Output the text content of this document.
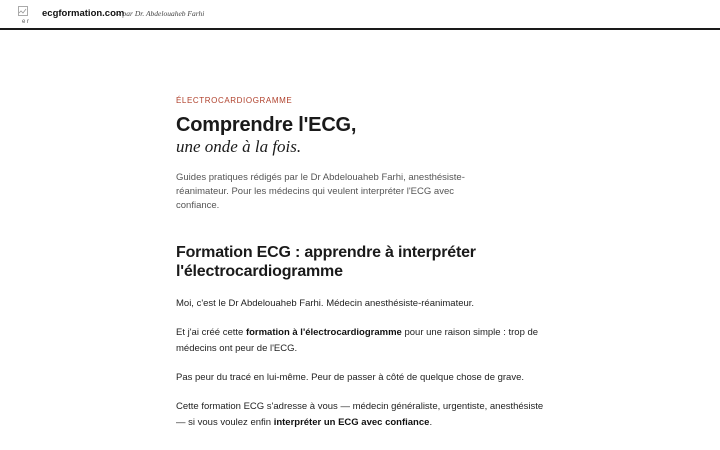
e r
ecgformation.com
— par Dr. Abdelouaheb Farhi
ÉLECTROCARDIOGRAMME
Comprendre l'ECG,
une onde à la fois.

Guides pratiques rédigés par le Dr Abdelouaheb Farhi, anesthésiste-réanimateur. Pour les médecins qui veulent interpréter l'ECG avec confiance.

Formation ECG : apprendre à interpréter l'électrocardiogramme

Moi, c'est le Dr Abdelouaheb Farhi. Médecin anesthésiste-réanimateur.

Et j'ai créé cette formation à l'électrocardiogramme pour une raison simple : trop de médecins ont peur de l'ECG.

Pas peur du tracé en lui-même. Peur de passer à côté de quelque chose de grave.

Cette formation ECG s'adresse à vous — médecin généraliste, urgentiste, anesthésiste — si vous voulez enfin interpréter un ECG avec confiance.
